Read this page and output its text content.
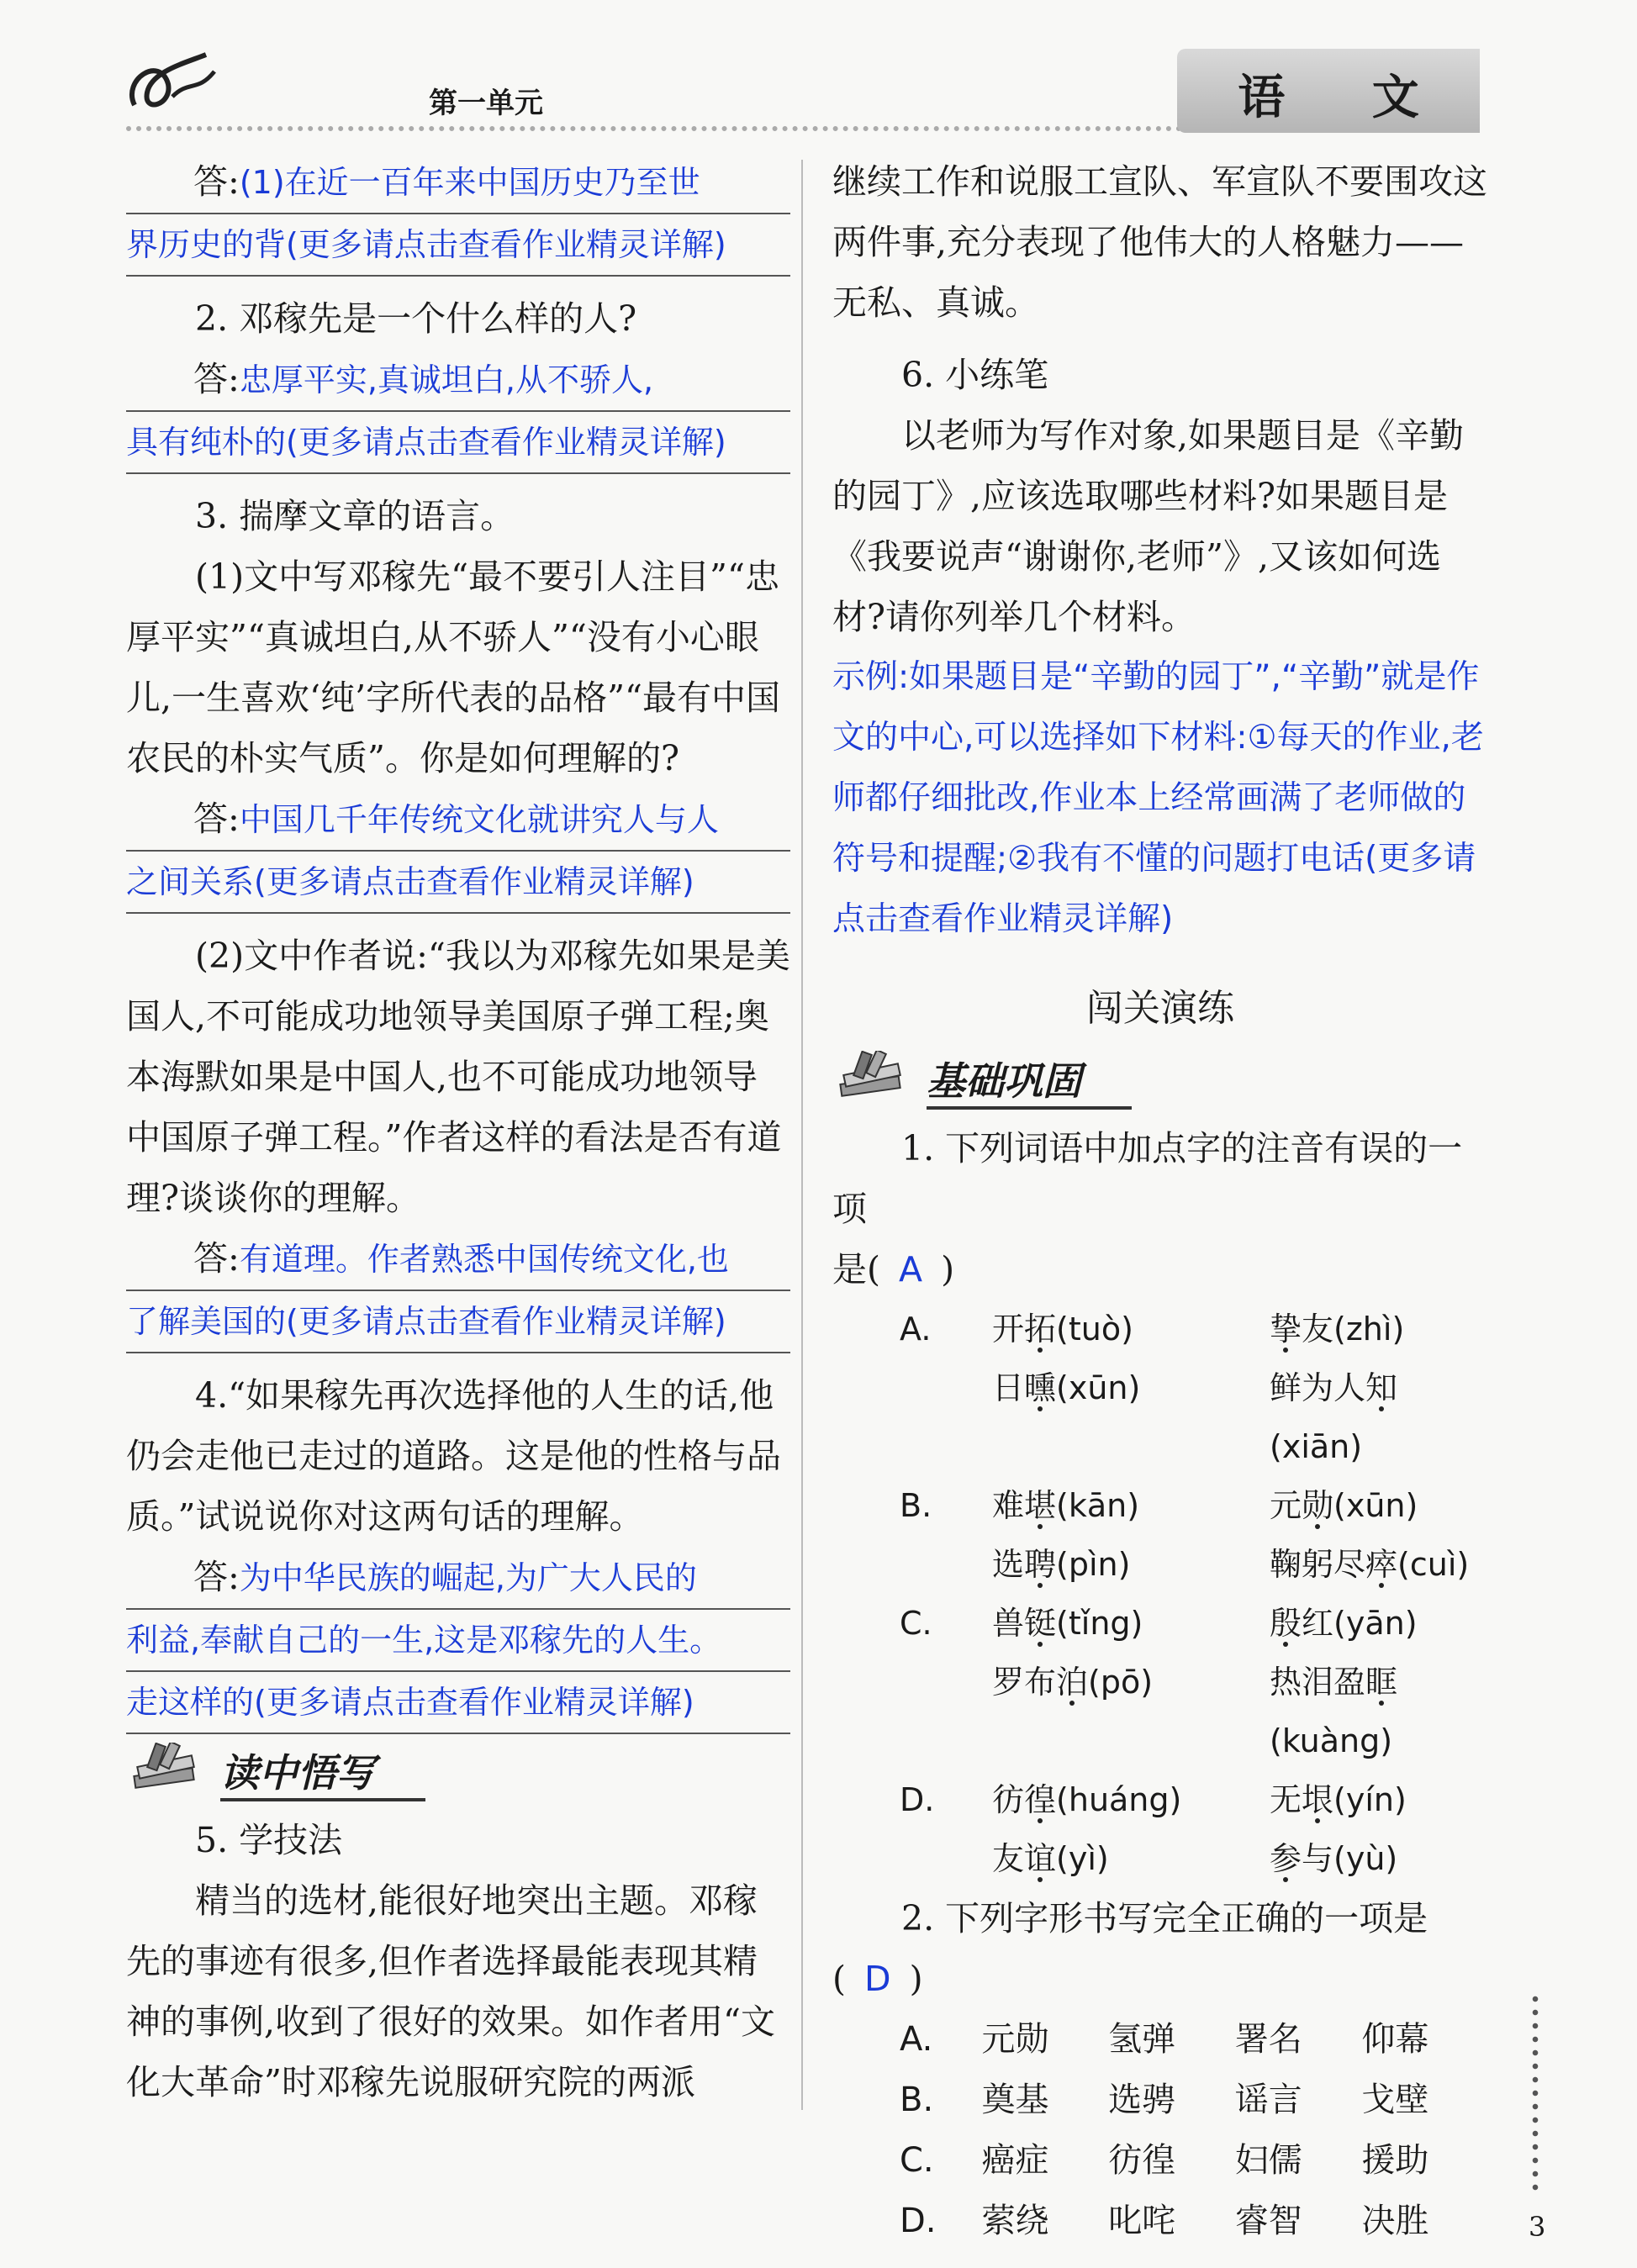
第一单元	语 文

答:(1)在近一百年来中国历史乃至世

界历史的背(更多请点击查看作业精灵详解)

2. 邓稼先是一个什么样的人?

答:忠厚平实,真诚坦白,从不骄人,

具有纯朴的(更多请点击查看作业精灵详解)

3. 揣摩文章的语言。

(1)文中写邓稼先“最不要引人注目”“忠厚平实”“真诚坦白,从不骄人”“没有小心眼儿,一生喜欢‘纯’字所代表的品格”“最有中国农民的朴实气质”。你是如何理解的?

答:中国几千年传统文化就讲究人与人

之间关系(更多请点击查看作业精灵详解)

(2)文中作者说:“我以为邓稼先如果是美国人,不可能成功地领导美国原子弹工程;奥本海默如果是中国人,也不可能成功地领导中国原子弹工程。”作者这样的看法是否有道理?谈谈你的理解。

答:有道理。作者熟悉中国传统文化,也

了解美国的(更多请点击查看作业精灵详解)

4.“如果稼先再次选择他的人生的话,他仍会走他已走过的道路。这是他的性格与品质。”试说说你对这两句话的理解。

答:为中华民族的崛起,为广大人民的

利益,奉献自己的一生,这是邓稼先的人生。

走这样的(更多请点击查看作业精灵详解)

读中悟写

5. 学技法

精当的选材,能很好地突出主题。邓稼先的事迹有很多,但作者选择最能表现其精神的事例,收到了很好的效果。如作者用“文化大革命”时邓稼先说服研究院的两派

继续工作和说服工宣队、军宣队不要围攻这两件事,充分表现了他伟大的人格魅力——无私、真诚。

6. 小练笔

以老师为写作对象,如果题目是《辛勤的园丁》,应该选取哪些材料?如果题目是《我要说声“谢谢你,老师”》,又该如何选材?请你列举几个材料。

示例:如果题目是“辛勤的园丁”,“辛勤”就是作文的中心,可以选择如下材料:①每天的作业,老师都仔细批改,作业本上经常画满了老师做的符号和提醒;②我有不懂的问题打电话(更多请点击查看作业精灵详解)

闯关演练
基础巩固

1. 下列词语中加点字的注音有误的一项

是( A )

A.	开拓(tuò)	挚友(zhì)
日曛(xūn)	鲜为人知(xiān)
B.	难堪(kān)	元勋(xūn)
选聘(pìn)	鞠躬尽瘁(cuì)
C.	兽铤(tǐng)	殷红(yān)
罗布泊(pō)	热泪盈眶(kuàng)
D.	彷徨(huáng)	无垠(yín)
友谊(yì)	参与(yù)

2. 下列字形书写完全正确的一项是

( D )

A.	元勋	氢弹	署名	仰幕
B.	奠基	选骋	谣言	戈壁
C.	癌症	彷徨	妇儒	援助
D.	萦绕	叱咤	睿智	决胜	3
